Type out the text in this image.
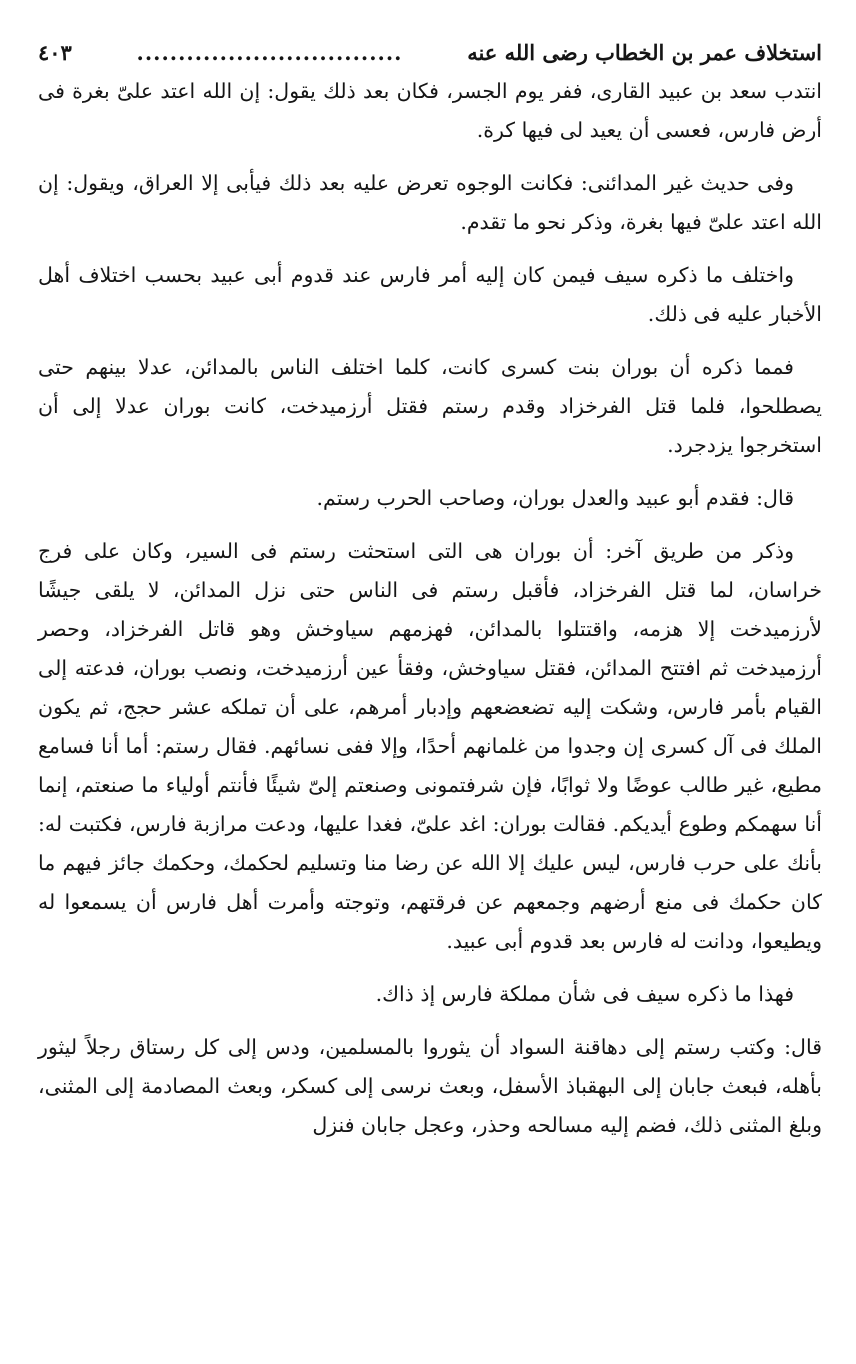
استخلاف عمر بن الخطاب رضى الله عنه
................................
٤٠٣

انتدب سعد بن عبيد القارى، ففر يوم الجسر، فكان بعد ذلك يقول: إن الله اعتد علىّ بغرة فى أرض فارس، فعسى أن يعيد لى فيها كرة.

وفى حديث غير المدائنى: فكانت الوجوه تعرض عليه بعد ذلك فيأبى إلا العراق، ويقول: إن الله اعتد علىّ فيها بغرة، وذكر نحو ما تقدم.

واختلف ما ذكره سيف فيمن كان إليه أمر فارس عند قدوم أبى عبيد بحسب اختلاف أهل الأخبار عليه فى ذلك.

فمما ذكره أن بوران بنت كسرى كانت، كلما اختلف الناس بالمدائن، عدلا بينهم حتى يصطلحوا، فلما قتل الفرخزاد وقدم رستم فقتل أرزميدخت، كانت بوران عدلا إلى أن استخرجوا يزدجرد.

قال: فقدم أبو عبيد والعدل بوران، وصاحب الحرب رستم.

وذكر من طريق آخر: أن بوران هى التى استحثت رستم فى السير، وكان على فرج خراسان، لما قتل الفرخزاد، فأقبل رستم فى الناس حتى نزل المدائن، لا يلقى جيشًا لأرزميدخت إلا هزمه، واقتتلوا بالمدائن، فهزمهم سياوخش وهو قاتل الفرخزاد، وحصر أرزميدخت ثم افتتح المدائن، فقتل سياوخش، وفقأ عين أرزميدخت، ونصب بوران، فدعته إلى القيام بأمر فارس، وشكت إليه تضعضعهم وإدبار أمرهم، على أن تملكه عشر حجج، ثم يكون الملك فى آل كسرى إن وجدوا من غلمانهم أحدًا، وإلا ففى نسائهم. فقال رستم: أما أنا فسامع مطيع، غير طالب عوضًا ولا ثوابًا، فإن شرفتمونى وصنعتم إلىّ شيئًا فأنتم أولياء ما صنعتم، إنما أنا سهمكم وطوع أيديكم. فقالت بوران: اغد علىّ، فغدا عليها، ودعت مرازبة فارس، فكتبت له: بأنك على حرب فارس، ليس عليك إلا الله عن رضا منا وتسليم لحكمك، وحكمك جائز فيهم ما كان حكمك فى منع أرضهم وجمعهم عن فرقتهم، وتوجته وأمرت أهل فارس أن يسمعوا له ويطيعوا، ودانت له فارس بعد قدوم أبى عبيد.

فهذا ما ذكره سيف فى شأن مملكة فارس إذ ذاك.

قال: وكتب رستم إلى دهاقنة السواد أن يثوروا بالمسلمين، ودس إلى كل رستاق رجلاً ليثور بأهله، فبعث جابان إلى البهقباذ الأسفل، وبعث نرسى إلى كسكر، وبعث المصادمة إلى المثنى، وبلغ المثنى ذلك، فضم إليه مسالحه وحذر، وعجل جابان فنزل
